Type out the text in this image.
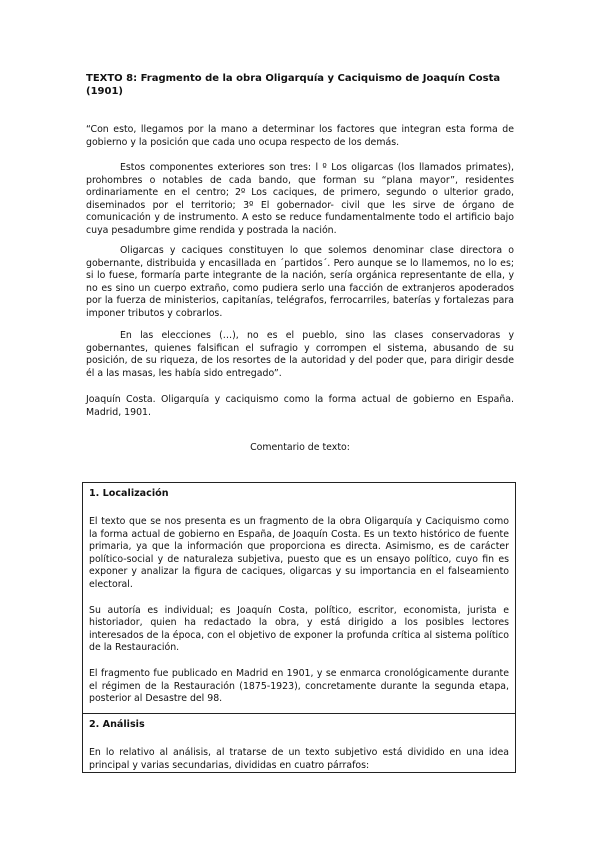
TEXTO 8: Fragmento de la obra Oligarquía y Caciquismo de Joaquín Costa (1901)

“Con esto, llegamos por la mano a determinar los factores que integran esta forma de gobierno y la posición que cada uno ocupa respecto de los demás.

Estos componentes exteriores son tres: l º Los oligarcas (los llamados primates), prohombres o notables de cada bando, que forman su “plana mayor”, residentes ordinariamente en el centro; 2º Los caciques, de primero, segundo o ulterior grado, diseminados por el territorio; 3º El gobernador- civil que les sirve de órgano de comunicación y de instrumento. A esto se reduce fundamentalmente todo el artificio bajo cuya pesadumbre gime rendida y postrada la nación.

Oligarcas y caciques constituyen lo que solemos denominar clase directora o gobernante, distribuida y encasillada en ´partidos´. Pero aunque se lo llamemos, no lo es; si lo fuese, formaría parte integrante de la nación, sería orgánica representante de ella, y no es sino un cuerpo extraño, como pudiera serlo una facción de extranjeros apoderados por la fuerza de ministerios, capitanías, telégrafos, ferrocarriles, baterías y fortalezas para imponer tributos y cobrarlos.

En las elecciones (…), no es el pueblo, sino las clases conservadoras y gobernantes, quienes falsifican el sufragio y corrompen el sistema, abusando de su posición, de su riqueza, de los resortes de la autoridad y del poder que, para dirigir desde él a las masas, les había sido entregado”.

Joaquín Costa. Oligarquía y caciquismo como la forma actual de gobierno en España. Madrid, 1901.

Comentario de texto:

1. Localización

El texto que se nos presenta es un fragmento de la obra Oligarquía y Caciquismo como la forma actual de gobierno en España, de Joaquín Costa. Es un texto histórico de fuente primaria, ya que la información que proporciona es directa. Asimismo, es de carácter político-social y de naturaleza subjetiva, puesto que es un ensayo político, cuyo fin es exponer y analizar la figura de caciques, oligarcas y su importancia en el falseamiento electoral.

Su autoría es individual; es Joaquín Costa, político, escritor, economista, jurista e historiador, quien ha redactado la obra, y está dirigido a los posibles lectores interesados de la época, con el objetivo de exponer la profunda crítica al sistema político de la Restauración.

El fragmento fue publicado en Madrid en 1901, y se enmarca cronológicamente durante el régimen de la Restauración (1875-1923), concretamente durante la segunda etapa, posterior al Desastre del 98.

2. Análisis

En lo relativo al análisis, al tratarse de un texto subjetivo está dividido en una idea principal y varias secundarias, divididas en cuatro párrafos:
